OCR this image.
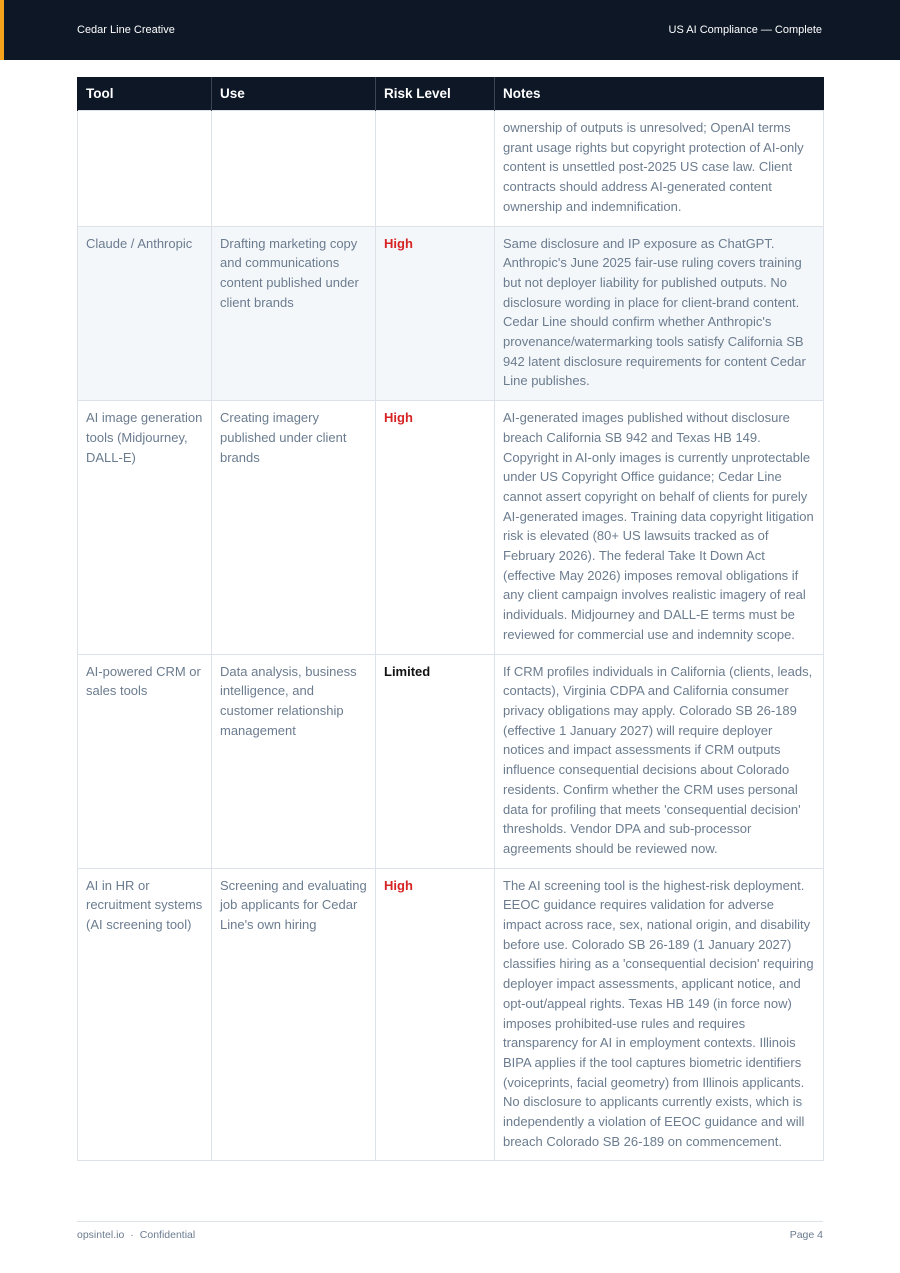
Cedar Line Creative	US AI Compliance — Complete
Tool	Use	Risk Level	Notes
			ownership of outputs is unresolved; OpenAI terms grant usage rights but copyright protection of AI-only content is unsettled post-2025 US case law. Client contracts should address AI-generated content ownership and indemnification.
Claude / Anthropic	Drafting marketing copy and communications content published under client brands	High	Same disclosure and IP exposure as ChatGPT. Anthropic's June 2025 fair-use ruling covers training but not deployer liability for published outputs. No disclosure wording in place for client-brand content. Cedar Line should confirm whether Anthropic's provenance/watermarking tools satisfy California SB 942 latent disclosure requirements for content Cedar Line publishes.
AI image generation tools (Midjourney, DALL-E)	Creating imagery published under client brands	High	AI-generated images published without disclosure breach California SB 942 and Texas HB 149. Copyright in AI-only images is currently unprotectable under US Copyright Office guidance; Cedar Line cannot assert copyright on behalf of clients for purely AI-generated images. Training data copyright litigation risk is elevated (80+ US lawsuits tracked as of February 2026). The federal Take It Down Act (effective May 2026) imposes removal obligations if any client campaign involves realistic imagery of real individuals. Midjourney and DALL-E terms must be reviewed for commercial use and indemnity scope.
AI-powered CRM or sales tools	Data analysis, business intelligence, and customer relationship management	Limited	If CRM profiles individuals in California (clients, leads, contacts), Virginia CDPA and California consumer privacy obligations may apply. Colorado SB 26-189 (effective 1 January 2027) will require deployer notices and impact assessments if CRM outputs influence consequential decisions about Colorado residents. Confirm whether the CRM uses personal data for profiling that meets 'consequential decision' thresholds. Vendor DPA and sub-processor agreements should be reviewed now.
AI in HR or recruitment systems (AI screening tool)	Screening and evaluating job applicants for Cedar Line's own hiring	High	The AI screening tool is the highest-risk deployment. EEOC guidance requires validation for adverse impact across race, sex, national origin, and disability before use. Colorado SB 26-189 (1 January 2027) classifies hiring as a 'consequential decision' requiring deployer impact assessments, applicant notice, and opt-out/appeal rights. Texas HB 149 (in force now) imposes prohibited-use rules and requires transparency for AI in employment contexts. Illinois BIPA applies if the tool captures biometric identifiers (voiceprints, facial geometry) from Illinois applicants. No disclosure to applicants currently exists, which is independently a violation of EEOC guidance and will breach Colorado SB 26-189 on commencement.
opsintel.io · Confidential	Page 4
